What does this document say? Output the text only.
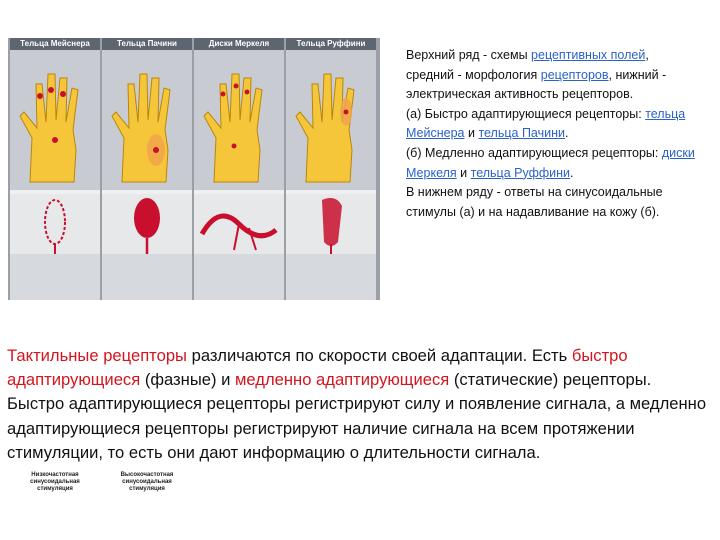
Тельца Мейснера
Низкочастотная синусоидальная стимуляция
Тельца Пачини
Высокочастотная синусоидальная стимуляция
Диски Меркеля	Тельца Руффини
Верхний ряд - схемы рецептивных полей, средний - морфология рецепторов, нижний - электрическая активность рецепторов.
(а) Быстро адаптирующиеся рецепторы: тельца Мейснера и тельца Пачини.
(б) Медленно адаптирующиеся рецепторы: диски Меркеля и тельца Руффини.
В нижнем ряду - ответы на синусоидальные стимулы (а) и на надавливание на кожу (б).
Тактильные рецепторы различаются по скорости своей адаптации. Есть быстро адаптирующиеся (фазные) и медленно адаптирующиеся (статические) рецепторы. Быстро адаптирующиеся рецепторы регистрируют силу и появление сигнала, а медленно адаптирующиеся рецепторы регистрируют наличие сигнала на всем протяжении стимуляции, то есть они дают информацию о длительности сигнала.
